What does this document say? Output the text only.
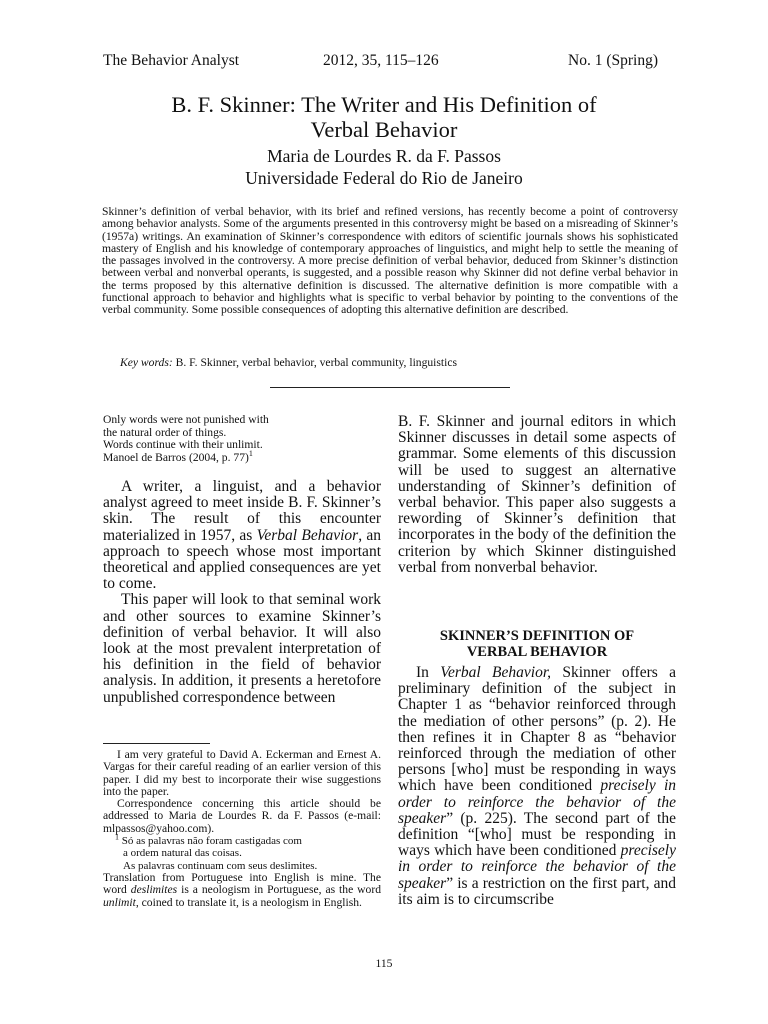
The Behavior Analyst	2012, 35, 115–126	No. 1 (Spring)
B. F. Skinner: The Writer and His Definition of
Verbal Behavior
Maria de Lourdes R. da F. Passos
Universidade Federal do Rio de Janeiro

Skinner’s definition of verbal behavior, with its brief and refined versions, has recently become a point of controversy among behavior analysts. Some of the arguments presented in this controversy might be based on a misreading of Skinner’s (1957a) writings. An examination of Skinner’s correspondence with editors of scientific journals shows his sophisticated mastery of English and his knowledge of contemporary approaches of linguistics, and might help to settle the meaning of the passages involved in the controversy. A more precise definition of verbal behavior, deduced from Skinner’s distinction between verbal and nonverbal operants, is suggested, and a possible reason why Skinner did not define verbal behavior in the terms proposed by this alternative definition is discussed. The alternative definition is more compatible with a functional approach to behavior and highlights what is specific to verbal behavior by pointing to the conventions of the verbal community. Some possible consequences of adopting this alternative definition are described.

Key words: B. F. Skinner, verbal behavior, verbal community, linguistics
Only words were not punished with
the natural order of things.
Words continue with their unlimit.
Manoel de Barros (2004, p. 77)$^1$

A writer, a linguist, and a behavior analyst agreed to meet inside B. F. Skinner’s skin. The result of this encounter materialized in 1957, as Verbal Behavior, an approach to speech whose most important theoretical and applied consequences are yet to come.

This paper will look to that seminal work and other sources to examine Skinner’s definition of verbal behavior. It will also look at the most prevalent interpretation of his definition in the field of behavior analysis. In addition, it presents a heretofore unpublished correspondence between

I am very grateful to David A. Eckerman and Ernest A. Vargas for their careful reading of an earlier version of this paper. I did my best to incorporate their wise suggestions into the paper.

Correspondence concerning this article should be addressed to Maria de Lourdes R. da F. Passos (e-mail: mlpassos@yahoo.com).

$^1$ Só as palavras não foram castigadas com

a ordem natural das coisas.

As palavras continuam com seus deslimites.

Translation from Portuguese into English is mine. The word deslimites is a neologism in Portuguese, as the word unlimit, coined to translate it, is a neologism in English.

B. F. Skinner and journal editors in which Skinner discusses in detail some aspects of grammar. Some elements of this discussion will be used to suggest an alternative understanding of Skinner’s definition of verbal behavior. This paper also suggests a rewording of Skinner’s definition that incorporates in the body of the definition the criterion by which Skinner distinguished verbal from nonverbal behavior.

SKINNER’S DEFINITION OF
VERBAL BEHAVIOR

In Verbal Behavior, Skinner offers a preliminary definition of the subject in Chapter 1 as “behavior reinforced through the mediation of other persons” (p. 2). He then refines it in Chapter 8 as “behavior reinforced through the mediation of other persons [who] must be responding in ways which have been conditioned precisely in order to reinforce the behavior of the speaker” (p. 225). The second part of the definition “[who] must be responding in ways which have been conditioned precisely in order to reinforce the behavior of the speaker” is a restriction on the first part, and its aim is to circumscribe

115
